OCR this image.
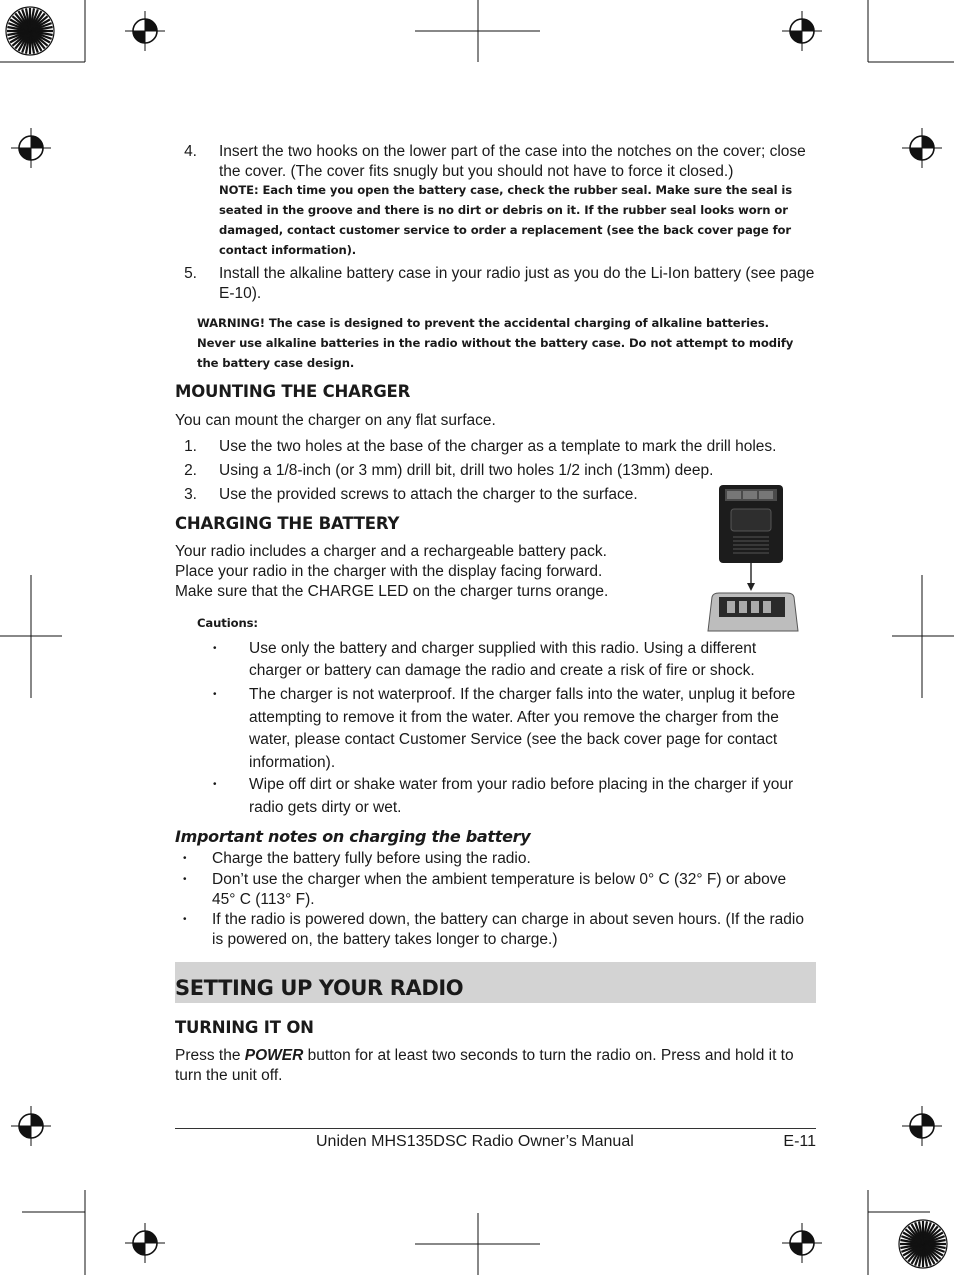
4. Insert the two hooks on the lower part of the case into the notches on the cover; close the cover. (The cover fits snugly but you should not have to force it closed.)
NOTE: Each time you open the battery case, check the rubber seal. Make sure the seal is seated in the groove and there is no dirt or debris on it. If the rubber seal looks worn or damaged, contact customer service to order a replacement (see the back cover page for contact information).
5. Install the alkaline battery case in your radio just as you do the Li-Ion battery (see page E-10).
WARNING! The case is designed to prevent the accidental charging of alkaline batteries. Never use alkaline batteries in the radio without the battery case. Do not attempt to modify the battery case design.
MOUNTING THE CHARGER
You can mount the charger on any flat surface.
1. Use the two holes at the base of the charger as a template to mark the drill holes.
2. Using a 1/8-inch (or 3 mm) drill bit, drill two holes 1/2 inch (13mm) deep.
3. Use the provided screws to attach the charger to the surface.
CHARGING THE BATTERY
Your radio includes a charger and a rechargeable battery pack.
Place your radio in the charger with the display facing forward.
Make sure that the CHARGE LED on the charger turns orange.
Cautions:
• Use only the battery and charger supplied with this radio. Using a different charger or battery can damage the radio and create a risk of fire or shock.
• The charger is not waterproof. If the charger falls into the water, unplug it before attempting to remove it from the water. After you remove the charger from the water, please contact Customer Service (see the back cover page for contact information).
• Wipe off dirt or shake water from your radio before placing in the charger if your radio gets dirty or wet.
Important notes on charging the battery
• Charge the battery fully before using the radio.
• Don’t use the charger when the ambient temperature is below 0° C (32° F) or above 45° C (113° F).
• If the radio is powered down, the battery can charge in about seven hours. (If the radio is powered on, the battery takes longer to charge.)
SETTING UP YOUR RADIO
TURNING IT ON
Press the POWER button for at least two seconds to turn the radio on. Press and hold it to turn the unit off.
Uniden MHS135DSC Radio Owner’s Manual	E-11
